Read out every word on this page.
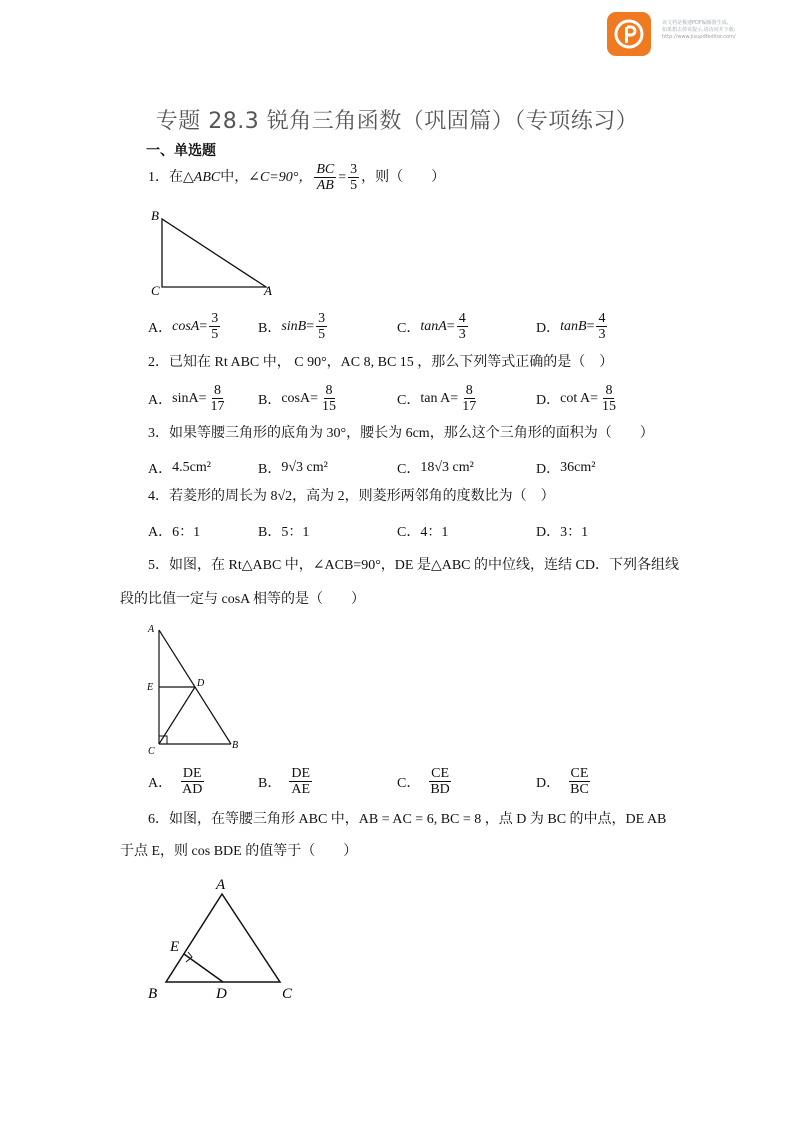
该文档是极速PDF编辑器生成,
如果想去掉该提示,请访问并下载:
http://www.jisupdfeditor.com/
专题 28.3 锐角三角函数（巩固篇）（专项练习）
一、单选题
1．在 △ABC 中， ∠C=90°， $\frac{BC}{AB} = \frac{3}{5}$ ，则（　　）
B
C	A
A． $\cos A = \frac{3}{5}$	B． $\sin B = \frac{3}{5}$	C． $\tan A = \frac{4}{3}$	D． $\tan B = \frac{4}{3}$
2．已知在 Rt ABC 中， C 90°，AC 8, BC 15 ，那么下列等式正确的是（　）
A． $\sin A = \frac{8}{17}$ B． $\cos A = \frac{8}{15}$	C． $\tan A = \frac{8}{17}$	D． $\cot A = \frac{8}{15}$
3．如果等腰三角形的底角为 30°，腰长为 6cm，那么这个三角形的面积为（　　）
A． 4.5cm²	B． 9√3 cm²	C． 18√3 cm²	D． 36cm²
4．若菱形的周长为 8√2，高为 2，则菱形两邻角的度数比为（　）
A． 6：1	B． 5：1	C． 4：1	D． 3：1
5．如图，在 Rt△ABC 中，∠ACB=90°，DE 是△ABC 的中位线，连结 CD．下列各组线
段的比值一定与 cosA 相等的是（　　）
A
E	D
C
B
A． $\frac{DE}{AD}$	B． $\frac{DE}{AE}$	C． $\frac{CE}{BD}$	D． $\frac{CE}{BC}$
6．如图，在等腰三角形 ABC 中，AB = AC = 6, BC = 8 ，点 D 为 BC 的中点，DE AB
于点 E，则 cos BDE 的值等于（　　）
A
E
B	D	C
